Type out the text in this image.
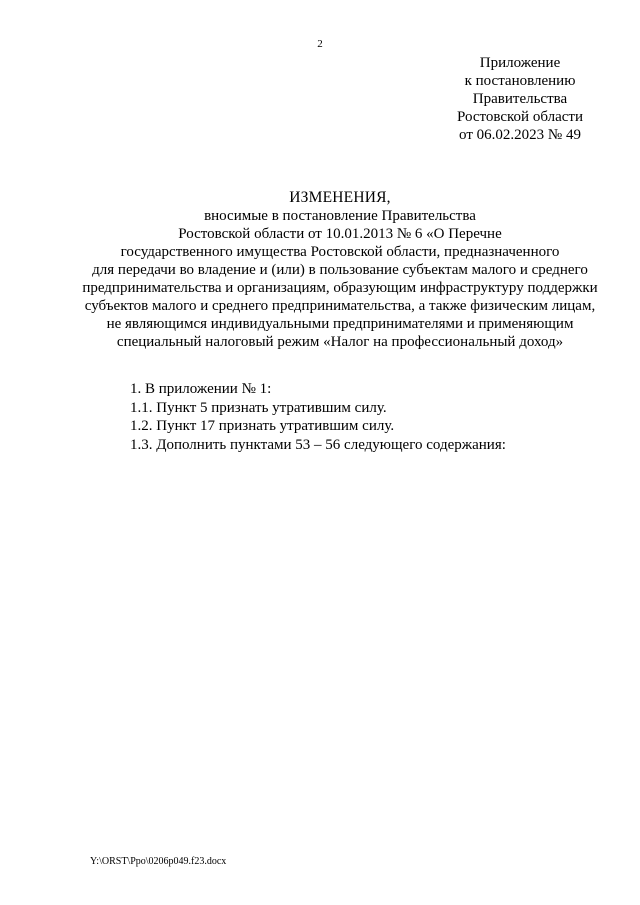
2
Приложение
к постановлению
Правительства
Ростовской области
от 06.02.2023 № 49
ИЗМЕНЕНИЯ,
вносимые в постановление Правительства
Ростовской области от 10.01.2013 № 6 «О Перечне
государственного имущества Ростовской области, предназначенного
для передачи во владение и (или) в пользование субъектам малого и среднего
предпринимательства и организациям, образующим инфраструктуру поддержки
субъектов малого и среднего предпринимательства, а также физическим лицам,
не являющимся индивидуальными предпринимателями и применяющим
специальный налоговый режим «Налог на профессиональный доход»
1. В приложении № 1:
1.1. Пункт 5 признать утратившим силу.
1.2. Пункт 17 признать утратившим силу.
1.3. Дополнить пунктами 53 – 56 следующего содержания:
Y:\ORST\Ppo\0206p049.f23.docx
